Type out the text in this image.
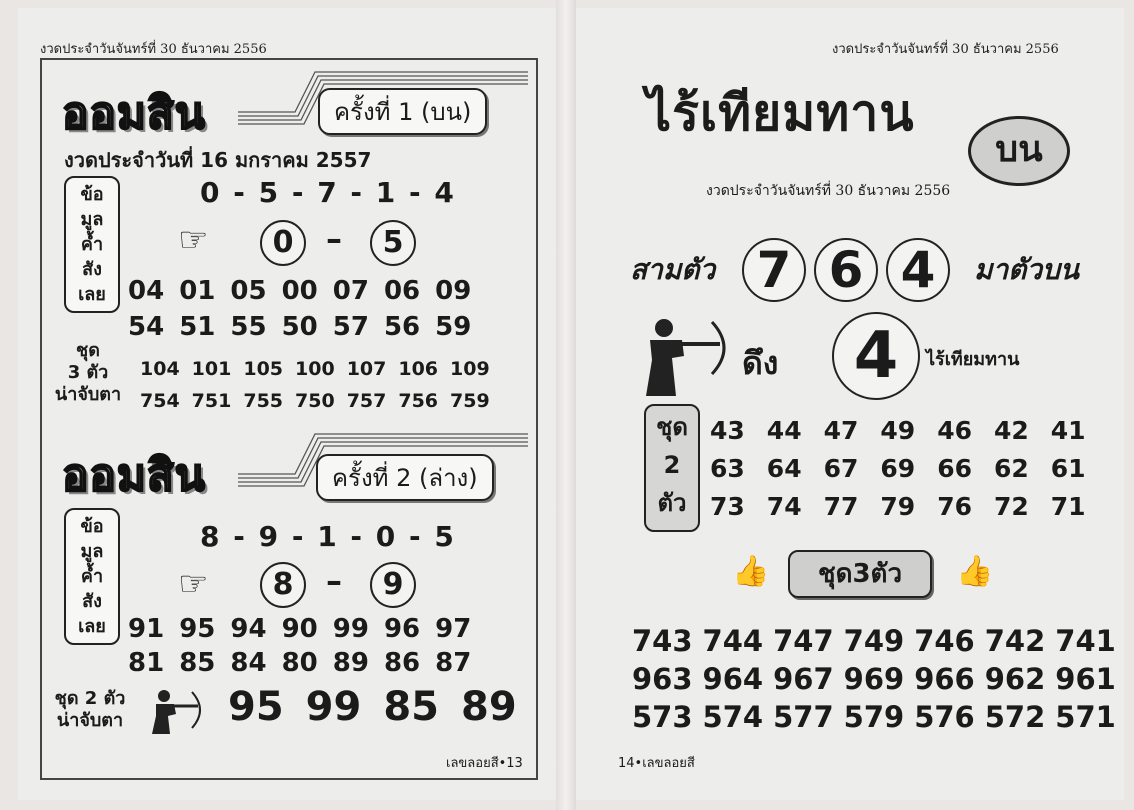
งวดประจำวันจันทร์ที่ 30 ธันวาคม 2556
ออมสิน	ครั้งที่ 1 (บน)
งวดประจำวันที่ 16 มกราคม 2557
ข้อ
มูล
ค้ำ
สัง
เลย
0 - 5 - 7 - 1 - 4
☞	0	–	5
04 01 05 00 07 06 09
54 51 55 50 57 56 59
ชุด
3 ตัว
น่าจับตา
104 101 105 100 107 106 109
754 751 755 750 757 756 759
ออมสิน	ครั้งที่ 2 (ล่าง)
ข้อ
มูล
ค้ำ
สัง
เลย
8 - 9 - 1 - 0 - 5
☞	8	–	9
91 95 94 90 99 96 97
81 85 84 80 89 86 87
ชุด 2 ตัว
น่าจับตา	95 99 85 89
เลขลอยสี•13
งวดประจำวันจันทร์ที่ 30 ธันวาคม 2556
ไร้เทียมทาน
บน
งวดประจำวันจันทร์ที่ 30 ธันวาคม 2556
สามตัว 7 6 4	มาตัวบน
ดึง	4	ไร้เทียมทาน
ชุด
2
ตัว
43 44 47 49 46 42 41
63 64 67 69 66 62 61
73 74 77 79 76 72 71
👍	ชุด3ตัว	👍
743 744 747 749 746 742 741
963 964 967 969 966 962 961
573 574 577 579 576 572 571
14•เลขลอยสี
